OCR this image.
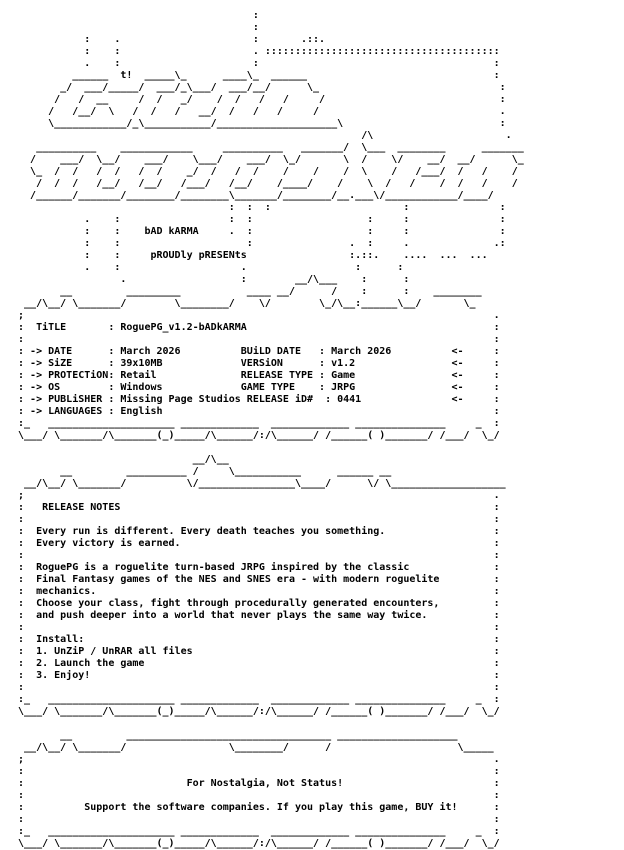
:
:
:    .                      :       .::.
:    :                      . :::::::::::::::::::::::::::::::::::::::
.    :                      :                                       :
______  t!  _____\_      ____\_  ______                               :
_/  ___/_____/  ___/_\___/  ___/__/      \_                              :
/   /  __     /  /   _/    /  /   /   /     /                             :
/   /__/  \   /  /   /   __/  /   /   /     /                              .
\____________/_\___________/____________________\                          :
/\                      .
__________    ____________     __________   _______/  \___  ________      _______
/    ___/  \__/    ___/    \___/    ___/  \_/       \  /    \/    __/  __/      \_
\_  /  /   /  /   /  /    _/  /   /  /    /    /    /  \    /   /___/  /   /    /
/  /  /   /__/   /__/   /___/   /__/    /____/    /    \  /   /    /  /   /    /
/______/_______/________/________\_______/________/__.___\/____________/____/
:  :  :                      :               :
.    :                  :  :                   :     :               :
:    :    bAD kARMA     .  :                   :     :               :
:    :                     :                .  :     .              .:
:    :     pROUDly pRESENts                 :.::.    ....  ...  ...
.    :                    .                  :      :
.                   :        __/\___    :      :
__         _________           ____ __/      /    :      :    ________
__/\__/ \_______/        \________/    \/        \_/\__:______\__/       \_
;                                                                              .
:  TiTLE       : RoguePG_v1.2-bADkARMA                                         :
:                                                                              :
: -> DATE      : March 2026          BUiLD DATE   : March 2026          <-     :
: -> SiZE      : 39x10MB             VERSiON      : v1.2                <-     :
: -> PROTECTiON: Retail              RELEASE TYPE : Game                <-     :
: -> OS        : Windows             GAME TYPE    : JRPG                <-     :
: -> PUBLiSHER : Missing Page Studios RELEASE iD#  : 0441               <-     :
: -> LANGUAGES : English                                                       :
:_   _____________________ _____________  _____________ _______________     _  :
\___/ \_______/\_______(_)_____/\______/:/\______/ /______( )_______/ /___/  \_/

__/\__
__         __________ /     \___________      ______ __
__/\__/ \_______/          \/________________\____/      \/ \___________________
;                                                                              .
:   RELEASE NOTES                                                              :
:                                                                              :
:  Every run is different. Every death teaches you something.                  :
:  Every victory is earned.                                                    :
:                                                                              :
:  RoguePG is a roguelite turn-based JRPG inspired by the classic              :
:  Final Fantasy games of the NES and SNES era - with modern roguelite         :
:  mechanics.                                                                  :
:  Choose your class, fight through procedurally generated encounters,         :
:  and push deeper into a world that never plays the same way twice.           :
:                                                                              :
:  Install:                                                                    :
:  1. UnZiP / UnRAR all files                                                  :
:  2. Launch the game                                                          :
:  3. Enjoy!                                                                   :
:                                                                              :
:_   _____________________ _____________  _____________ _______________     _  :
\___/ \_______/\_______(_)_____/\______/:/\______/ /______( )_______/ /___/  \_/

__         __________________________________ ____________________
__/\__/ \_______/                 \________/      /                     \_____
;                                                                              .
:                                                                              :
:                           For Nostalgia, Not Status!                         :
:                                                                              :
:          Support the software companies. If you play this game, BUY it!      :
:                                                                              :
:_   _____________________ _____________  _____________ _______________     _  :
\___/ \_______/\_______(_)_____/\______/:/\______/ /______( )_______/ /___/  \_/
